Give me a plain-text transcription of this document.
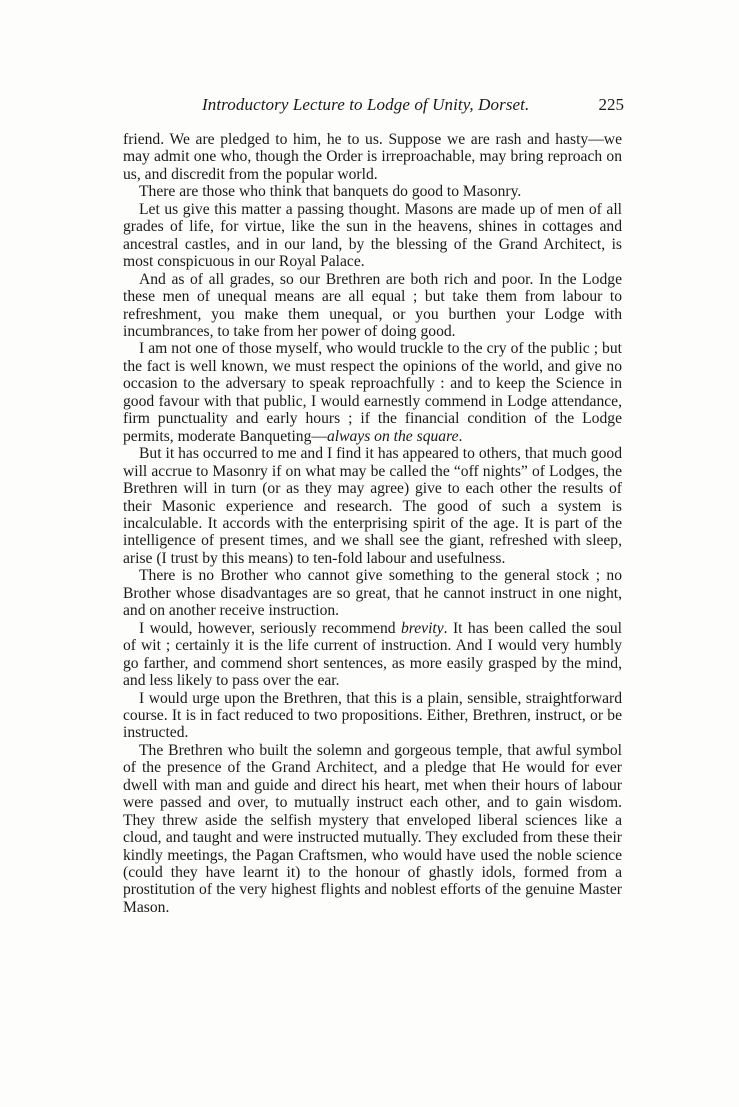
Introductory Lecture to Lodge of Unity, Dorset.	225

friend. We are pledged to him, he to us. Suppose we are rash and hasty—we may admit one who, though the Order is irreproachable, may bring reproach on us, and discredit from the popular world.

There are those who think that banquets do good to Masonry.

Let us give this matter a passing thought. Masons are made up of men of all grades of life, for virtue, like the sun in the heavens, shines in cottages and ancestral castles, and in our land, by the blessing of the Grand Architect, is most conspicuous in our Royal Palace.

And as of all grades, so our Brethren are both rich and poor. In the Lodge these men of unequal means are all equal ; but take them from labour to refreshment, you make them unequal, or you burthen your Lodge with incumbrances, to take from her power of doing good.

I am not one of those myself, who would truckle to the cry of the public ; but the fact is well known, we must respect the opinions of the world, and give no occasion to the adversary to speak reproachfully : and to keep the Science in good favour with that public, I would earnestly commend in Lodge attendance, firm punctuality and early hours ; if the financial condition of the Lodge permits, moderate Banqueting—always on the square.

But it has occurred to me and I find it has appeared to others, that much good will accrue to Masonry if on what may be called the “off nights” of Lodges, the Brethren will in turn (or as they may agree) give to each other the results of their Masonic experience and research. The good of such a system is incalculable. It accords with the enterprising spirit of the age. It is part of the intelligence of present times, and we shall see the giant, refreshed with sleep, arise (I trust by this means) to ten-fold labour and usefulness.

There is no Brother who cannot give something to the general stock ; no Brother whose disadvantages are so great, that he cannot instruct in one night, and on another receive instruction.

I would, however, seriously recommend brevity. It has been called the soul of wit ; certainly it is the life current of instruction. And I would very humbly go farther, and commend short sentences, as more easily grasped by the mind, and less likely to pass over the ear.

I would urge upon the Brethren, that this is a plain, sensible, straightforward course. It is in fact reduced to two propositions. Either, Brethren, instruct, or be instructed.

The Brethren who built the solemn and gorgeous temple, that awful symbol of the presence of the Grand Architect, and a pledge that He would for ever dwell with man and guide and direct his heart, met when their hours of labour were passed and over, to mutually instruct each other, and to gain wisdom. They threw aside the selfish mystery that enveloped liberal sciences like a cloud, and taught and were instructed mutually. They excluded from these their kindly meetings, the Pagan Craftsmen, who would have used the noble science (could they have learnt it) to the honour of ghastly idols, formed from a prostitution of the very highest flights and noblest efforts of the genuine Master Mason.
